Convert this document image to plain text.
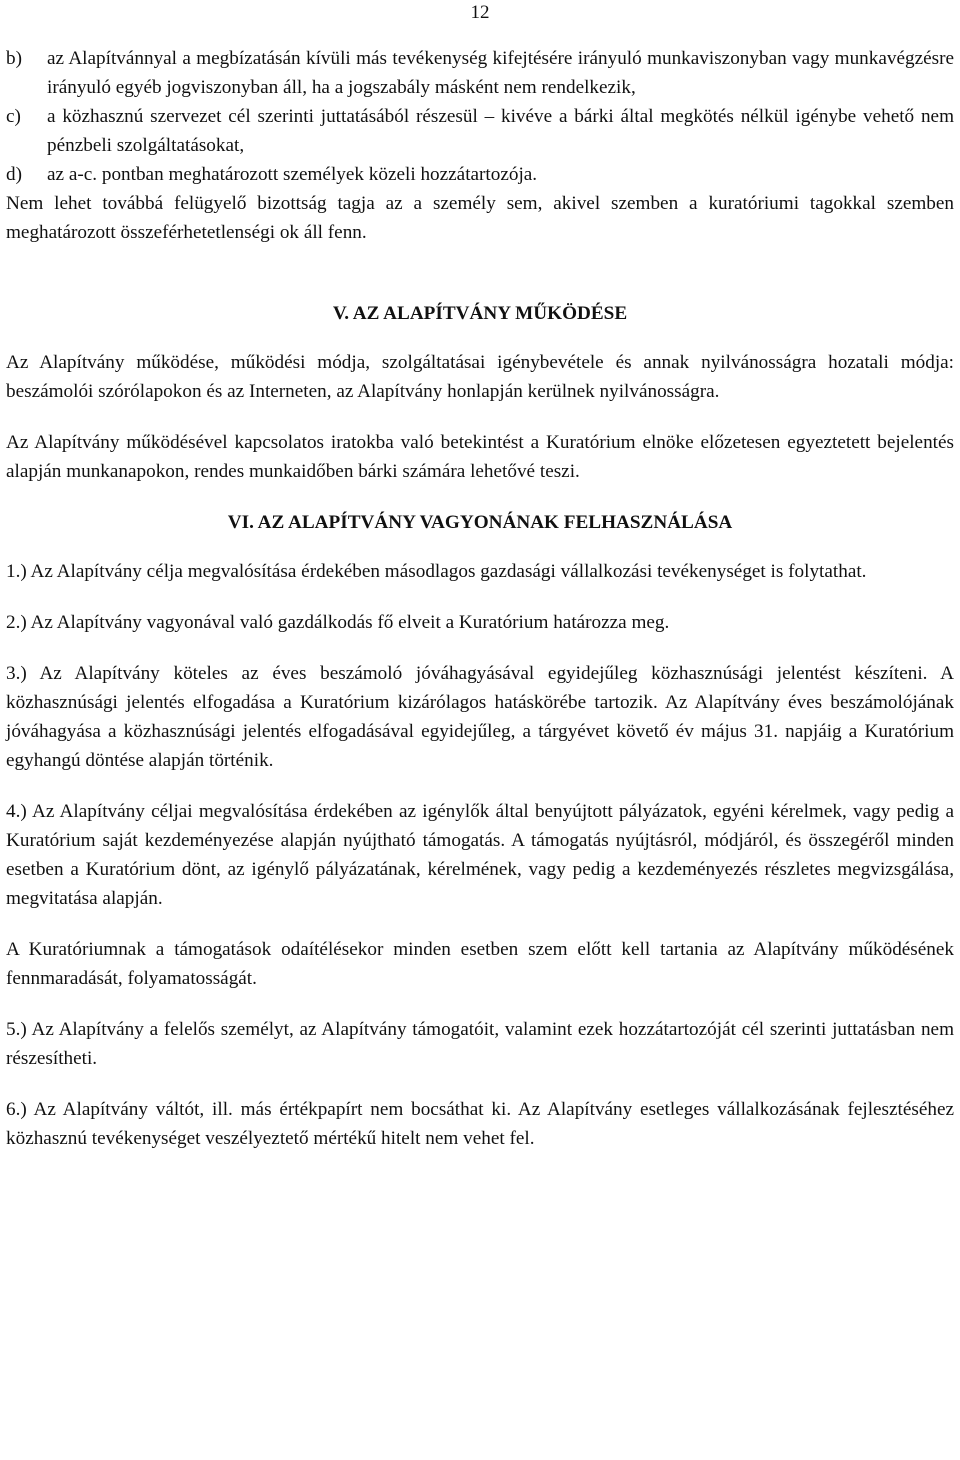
12
b) az Alapítvánnyal a megbízatásán kívüli más tevékenység kifejtésére irányuló munkaviszonyban vagy munkavégzésre irányuló egyéb jogviszonyban áll, ha a jogszabály másként nem rendelkezik,
c) a közhasznú szervezet cél szerinti juttatásából részesül – kivéve a bárki által megkötés nélkül igénybe vehető nem pénzbeli szolgáltatásokat,
d) az a-c. pontban meghatározott személyek közeli hozzátartozója.

Nem lehet továbbá felügyelő bizottság tagja az a személy sem, akivel szemben a kuratóriumi tagokkal szemben meghatározott összeférhetetlenségi ok áll fenn.

V. AZ ALAPÍTVÁNY MŰKÖDÉSE

Az Alapítvány működése, működési módja, szolgáltatásai igénybevétele és annak nyilvánosságra hozatali módja: beszámolói szórólapokon és az Interneten, az Alapítvány honlapján kerülnek nyilvánosságra.

Az Alapítvány működésével kapcsolatos iratokba való betekintést a Kuratórium elnöke előzetesen egyeztetett bejelentés alapján munkanapokon, rendes munkaidőben bárki számára lehetővé teszi.

VI. AZ ALAPÍTVÁNY VAGYONÁNAK FELHASZNÁLÁSA

1.) Az Alapítvány célja megvalósítása érdekében másodlagos gazdasági vállalkozási tevékenységet is folytathat.

2.) Az Alapítvány vagyonával való gazdálkodás fő elveit a Kuratórium határozza meg.

3.) Az Alapítvány köteles az éves beszámoló jóváhagyásával egyidejűleg közhasznúsági jelentést készíteni. A közhasznúsági jelentés elfogadása a Kuratórium kizárólagos hatáskörébe tartozik. Az Alapítvány éves beszámolójának jóváhagyása a közhasznúsági jelentés elfogadásával egyidejűleg, a tárgyévet követő év május 31. napjáig a Kuratórium egyhangú döntése alapján történik.

4.) Az Alapítvány céljai megvalósítása érdekében az igénylők által benyújtott pályázatok, egyéni kérelmek, vagy pedig a Kuratórium saját kezdeményezése alapján nyújtható támogatás. A támogatás nyújtásról, módjáról, és összegéről minden esetben a Kuratórium dönt, az igénylő pályázatának, kérelmének, vagy pedig a kezdeményezés részletes megvizsgálása, megvitatása alapján.

A Kuratóriumnak a támogatások odaítélésekor minden esetben szem előtt kell tartania az Alapítvány működésének fennmaradását, folyamatosságát.

5.) Az Alapítvány a felelős személyt, az Alapítvány támogatóit, valamint ezek hozzátartozóját cél szerinti juttatásban nem részesítheti.

6.) Az Alapítvány váltót, ill. más értékpapírt nem bocsáthat ki. Az Alapítvány esetleges vállalkozásának fejlesztéséhez közhasznú tevékenységet veszélyeztető mértékű hitelt nem vehet fel.
